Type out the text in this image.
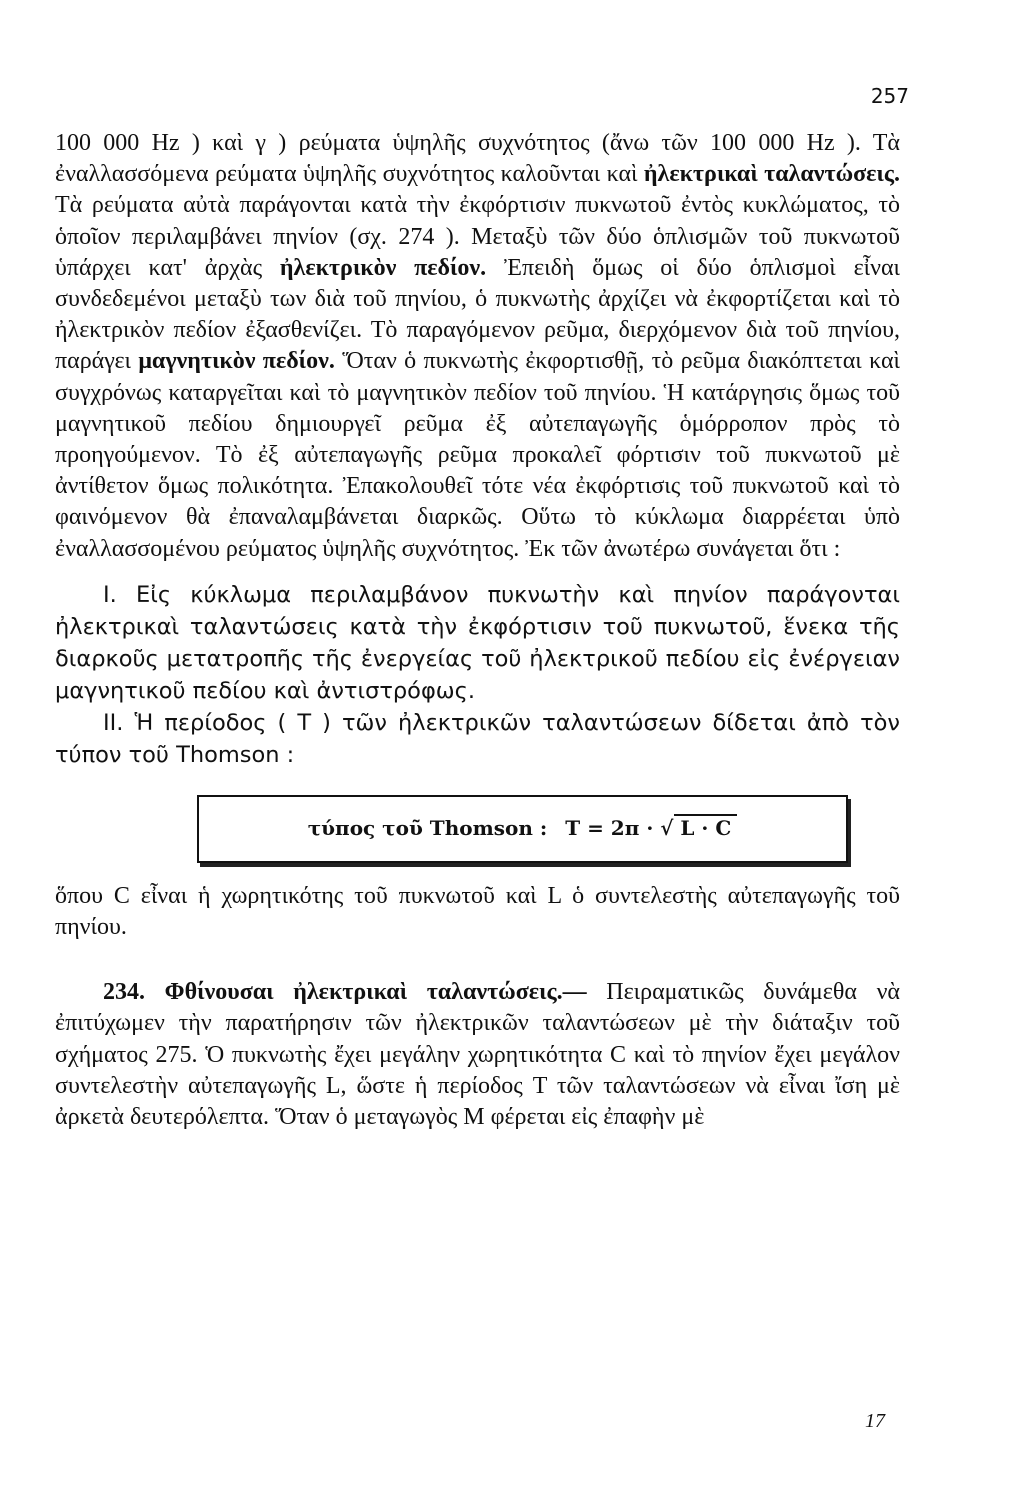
257

100 000 Hz ) καὶ γ ) ρεύματα ὑψηλῆς συχνότητος (ἄνω τῶν 100 000 Hz ). Τὰ ἐναλλασσόμενα ρεύματα ὑψηλῆς συχνότητος καλοῦνται καὶ ἠλεκτρικαὶ ταλαντώσεις. Τὰ ρεύματα αὐτὰ παράγονται κατὰ τὴν ἐκφόρτισιν πυκνωτοῦ ἐντὸς κυκλώματος, τὸ ὁποῖον περιλαμβάνει πηνίον (σχ. 274 ). Μεταξὺ τῶν δύο ὁπλισμῶν τοῦ πυκνωτοῦ ὑπάρχει κατ' ἀρχὰς ἠλεκτρικὸν πεδίον. Ἐπειδὴ ὅμως οἱ δύο ὁπλισμοὶ εἶναι συνδεδεμένοι μεταξὺ των διὰ τοῦ πηνίου, ὁ πυκνωτὴς ἀρχίζει νὰ ἐκφορτίζεται καὶ τὸ ἠλεκτρικὸν πεδίον ἐξασθενίζει. Τὸ παραγόμενον ρεῦμα, διερχόμενον διὰ τοῦ πηνίου, παράγει μαγνητικὸν πεδίον. Ὅταν ὁ πυκνωτὴς ἐκφορτισθῇ, τὸ ρεῦμα διακόπτεται καὶ συγχρόνως καταργεῖται καὶ τὸ μαγνητικὸν πεδίον τοῦ πηνίου. Ἡ κατάργησις ὅμως τοῦ μαγνητικοῦ πεδίου δημιουργεῖ ρεῦμα ἐξ αὐτεπαγωγῆς ὁμόρροπον πρὸς τὸ προηγούμενον. Τὸ ἐξ αὐτεπαγωγῆς ρεῦμα προκαλεῖ φόρτισιν τοῦ πυκνωτοῦ μὲ ἀντίθετον ὅμως πολικότητα. Ἐπακολουθεῖ τότε νέα ἐκφόρτισις τοῦ πυκνωτοῦ καὶ τὸ φαινόμενον θὰ ἐπαναλαμβάνεται διαρκῶς. Οὕτω τὸ κύκλωμα διαρρέεται ὑπὸ ἐναλλασσομένου ρεύματος ὑψηλῆς συχνότητος. Ἐκ τῶν ἀνωτέρω συνάγεται ὅτι :

I. Εἰς κύκλωμα περιλαμβάνον πυκνωτὴν καὶ πηνίον παράγονται ἠλεκτρικαὶ ταλαντώσεις κατὰ τὴν ἐκφόρτισιν τοῦ πυκνωτοῦ, ἕνεκα τῆς διαρκοῦς μετατροπῆς τῆς ἐνεργείας τοῦ ἠλεκτρικοῦ πεδίου εἰς ἐνέργειαν μαγνητικοῦ πεδίου καὶ ἀντιστρόφως.

II. Ἡ περίοδος ( Τ ) τῶν ἠλεκτρικῶν ταλαντώσεων δίδεται ἀπὸ τὸν τύπον τοῦ Thomson :

τύπος τοῦ Thomson : T = 2π · √ L · C

ὅπου C εἶναι ἡ χωρητικότης τοῦ πυκνωτοῦ καὶ L ὁ συντελεστὴς αὐτεπαγωγῆς τοῦ πηνίου.

234. Φθίνουσαι ἠλεκτρικαὶ ταλαντώσεις.— Πειραματικῶς δυνάμεθα νὰ ἐπιτύχωμεν τὴν παρατήρησιν τῶν ἠλεκτρικῶν ταλαντώσεων μὲ τὴν διάταξιν τοῦ σχήματος 275. Ὁ πυκνωτὴς ἔχει μεγάλην χωρητικότητα C καὶ τὸ πηνίον ἔχει μεγάλον συντελεστὴν αὐτεπαγωγῆς L, ὥστε ἡ περίοδος T τῶν ταλαντώσεων νὰ εἶναι ἴση μὲ ἀρκετὰ δευτερόλεπτα. Ὅταν ὁ μεταγωγὸς M φέρεται εἰς ἐπαφὴν μὲ

17
